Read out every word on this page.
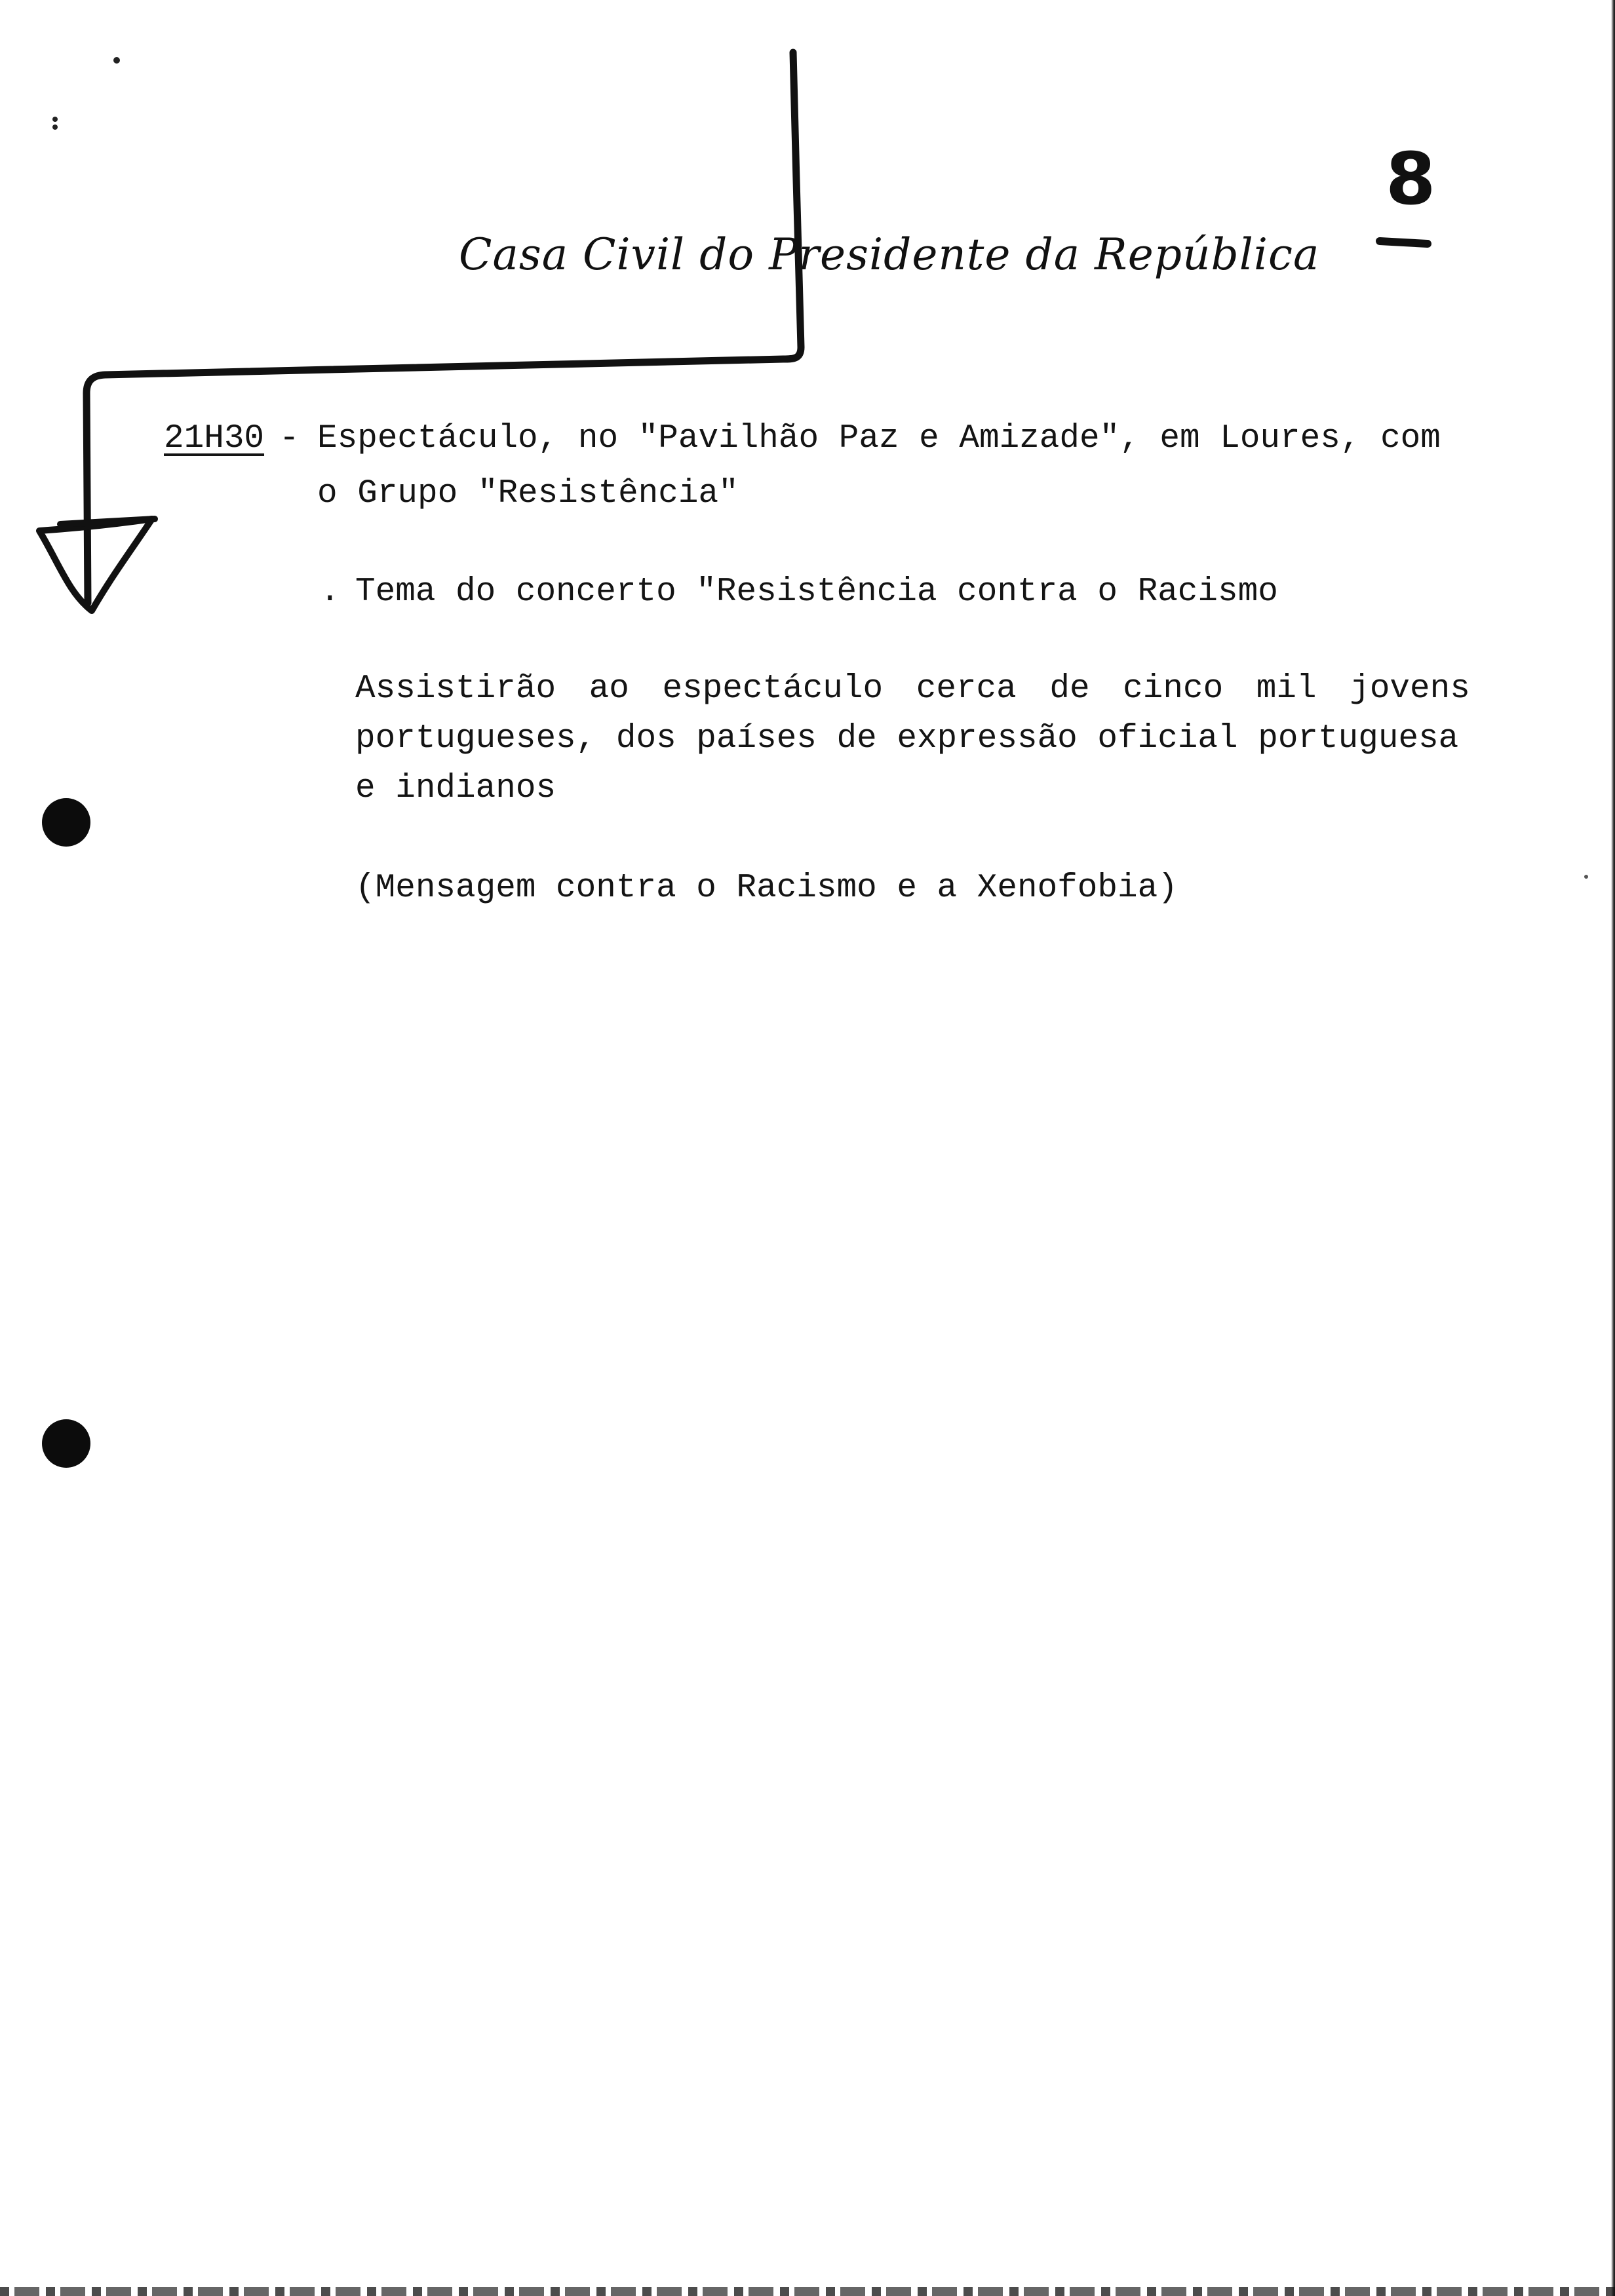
Casa Civil do Presidente da República
8
21H30 - Espectáculo, no "Pavilhão Paz e Amizade", em Loures, com
o Grupo "Resistência"
. Tema do concerto "Resistência contra o Racismo
Assistirão ao espectáculo cerca de cinco mil jovens
portugueses, dos países de expressão oficial portuguesa
e indianos
(Mensagem contra o Racismo e a Xenofobia)
